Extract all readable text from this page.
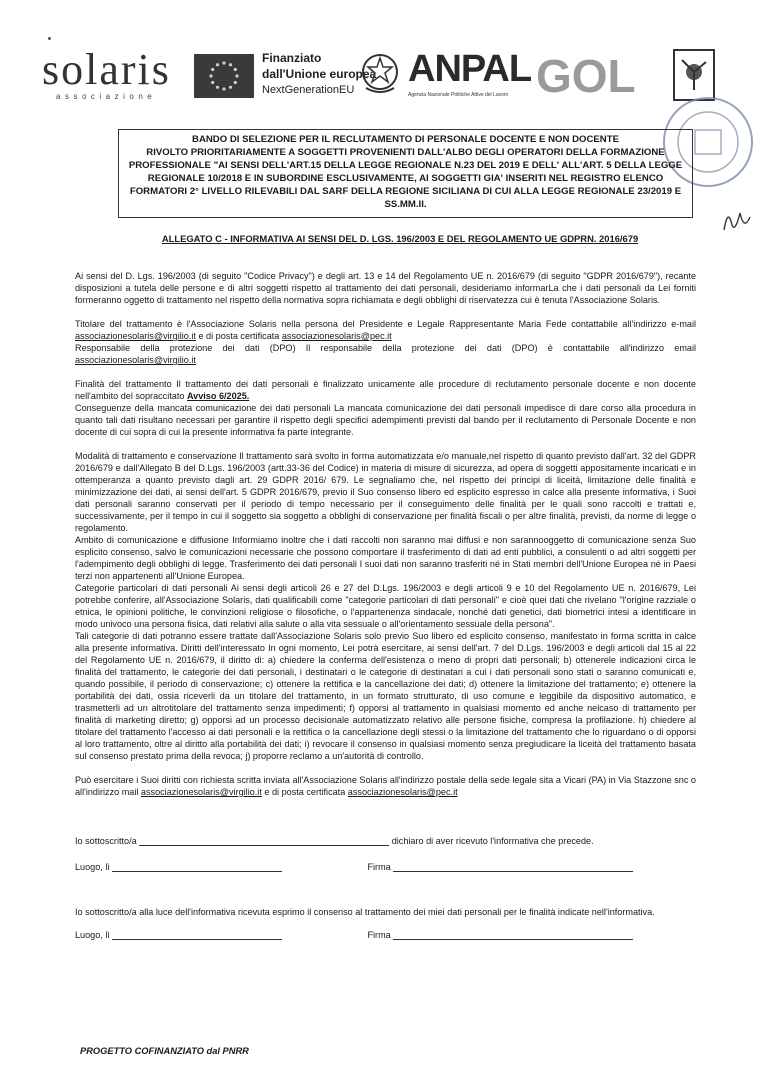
solaris
associazione
Finanziato
dall'Unione europea
NextGenerationEU	ANPAL
Agenzia Nazionale Politiche Attive del Lavoro GOL
BANDO DI SELEZIONE PER IL RECLUTAMENTO DI PERSONALE DOCENTE E NON DOCENTE
RIVOLTO PRIORITARIAMENTE A SOGGETTI PROVENIENTI DALL'ALBO DEGLI OPERATORI DELLA FORMAZIONE
PROFESSIONALE "AI SENSI DELL'ART.15 DELLA LEGGE REGIONALE N.23 DEL 2019 E DELL' ALL'ART. 5 DELLA LEGGE
REGIONALE 10/2018 E IN SUBORDINE ESCLUSIVAMENTE, AI SOGGETTI GIA' INSERITI NEL REGISTRO ELENCO
FORMATORI 2° LIVELLO RILEVABILI DAL SARF DELLA REGIONE SICILIANA DI CUI ALLA LEGGE REGIONALE 23/2019 E
SS.MM.II.
ALLEGATO C - INFORMATIVA AI SENSI DEL D. LGS. 196/2003 E DEL REGOLAMENTO UE GDPRN. 2016/679

Ai sensi del D. Lgs. 196/2003 (di seguito "Codice Privacy") e degli art. 13 e 14 del Regolamento UE n. 2016/679 (di seguito "GDPR 2016/679"), recante disposizioni a tutela delle persone e di altri soggetti rispetto al trattamento dei dati personali, desideriamo informarLa che i dati personali da Lei forniti formeranno oggetto di trattamento nel rispetto della normativa sopra richiamata e degli obblighi di riservatezza cui è tenuta l'Associazione Solaris.

Titolare del trattamento è l'Associazione Solaris nella persona del Presidente e Legale Rappresentante Maria Fede contattabile all'indirizzo e-mail associazionesolaris@virgilio.it e di posta certificata associazionesolaris@pec.it

Responsabile della protezione dei dati (DPO) Il responsabile della protezione dei dati (DPO) è contattabile all'indirizzo email associazionesolaris@virgilio.it

Finalità del trattamento Il trattamento dei dati personali è finalizzato unicamente alle procedure di reclutamento personale docente e non docente nell'ambito del sopraccitato Avviso 6/2025.

Conseguenze della mancata comunicazione dei dati personali La mancata comunicazione dei dati personali impedisce di dare corso alla procedura in quanto tali dati risultano necessari per garantire il rispetto degli specifici adempimenti previsti dal bando per il reclutamento di Personale Docente e non docente di cui sopra di cui la presente informativa fa parte integrante.

Modalità di trattamento e conservazione Il trattamento sarà svolto in forma automatizzata e/o manuale,nel rispetto di quanto previsto dall'art. 32 del GDPR 2016/679 e dall'Allegato B del D.Lgs. 196/2003 (artt.33-36 del Codice) in materia di misure di sicurezza, ad opera di soggetti appositamente incaricati e in ottemperanza a quanto previsto dagli art. 29 GDPR 2016/ 679. Le segnaliamo che, nel rispetto dei principi di liceità, limitazione delle finalità e minimizzazione dei dati, ai sensi dell'art. 5 GDPR 2016/679, previo il Suo consenso libero ed esplicito espresso in calce alla presente informativa, i Suoi dati personali saranno conservati per il periodo di tempo necessario per il conseguimento delle finalità per le quali sono raccolti e trattati e, successivamente, per il tempo in cui il soggetto sia soggetto a obblighi di conservazione per finalità fiscali o per altre finalità, previsti, da norme di legge o regolamento.

Ambito di comunicazione e diffusione Informiamo inoltre che i dati raccolti non saranno mai diffusi e non sarannooggetto di comunicazione senza Suo esplicito consenso, salvo le comunicazioni necessarie che possono comportare il trasferimento di dati ad enti pubblici, a consulenti o ad altri soggetti per l'adempimento degli obblighi di legge. Trasferimento dei dati personali I suoi dati non saranno trasferiti né in Stati membri dell'Unione Europea né in Paesi terzi non appartenenti all'Unione Europea.

Categorie particolari di dati personali Ai sensi degli articoli 26 e 27 del D.Lgs. 196/2003 e degli articoli 9 e 10 del Regolamento UE n. 2016/679, Lei potrebbe conferire, all'Associazione Solaris, dati qualificabili come "categorie particolari di dati personali" e cioè quei dati che rivelano "l'origine razziale o etnica, le opinioni politiche, le convinzioni religiose o filosofiche, o l'appartenenza sindacale, nonché dati genetici, dati biometrici intesi a identificare in modo univoco una persona fisica, dati relativi alla salute o alla vita sessuale o all'orientamento sessuale della persona".

Tali categorie di dati potranno essere trattate dall'Associazione Solaris solo previo Suo libero ed esplicito consenso, manifestato in forma scritta in calce alla presente informativa. Diritti dell'interessato In ogni momento, Lei potrà esercitare, ai sensi dell'art. 7 del D.Lgs. 196/2003 e degli articoli dal 15 al 22 del Regolamento UE n. 2016/679, il diritto di: a) chiedere la conferma dell'esistenza o meno di propri dati personali; b) ottenerele indicazioni circa le finalità del trattamento, le categorie dei dati personali, i destinatari o le categorie di destinatari a cui i dati personali sono stati o saranno comunicati e, quando possibile, il periodo di conservazione; c) ottenere la rettifica e la cancellazione dei dati; d) ottenere la limitazione del trattamento; e) ottenere la portabilità dei dati, ossia riceverli da un titolare del trattamento, in un formato strutturato, di uso comune e leggibile da dispositivo automatico, e trasmetterli ad un altrotitolare del trattamento senza impedimenti; f) opporsi al trattamento in qualsiasi momento ed anche nelcaso di trattamento per finalità di marketing diretto; g) opporsi ad un processo decisionale automatizzato relativo alle persone fisiche, compresa la profilazione. h) chiedere al titolare del trattamento l'accesso ai dati personali e la rettifica o la cancellazione degli stessi o la limitazione del trattamento che lo riguardano o di opporsi al loro trattamento, oltre al diritto alla portabilità dei dati; i) revocare il consenso in qualsiasi momento senza pregiudicare la liceità del trattamento basata sul consenso prestato prima della revoca; j) proporre reclamo a un'autorità di controllo.

Può esercitare i Suoi diritti con richiesta scritta inviata all'Associazione Solaris all'indirizzo postale della sede legale sita a Vicari (PA) in Via Stazzone snc o all'indirizzo mail associazionesolaris@virgilio.it e di posta certificata associazionesolaris@pec.it

Io sottoscritto/a	dichiaro di aver ricevuto l'informativa che precede.
Luogo, lì	Firma
Io sottoscritto/a alla luce dell'informativa ricevuta esprimo il consenso al trattamento dei miei dati personali per le finalità indicate nell'informativa.
Luogo, lì	Firma
PROGETTO COFINANZIATO dal PNRR
